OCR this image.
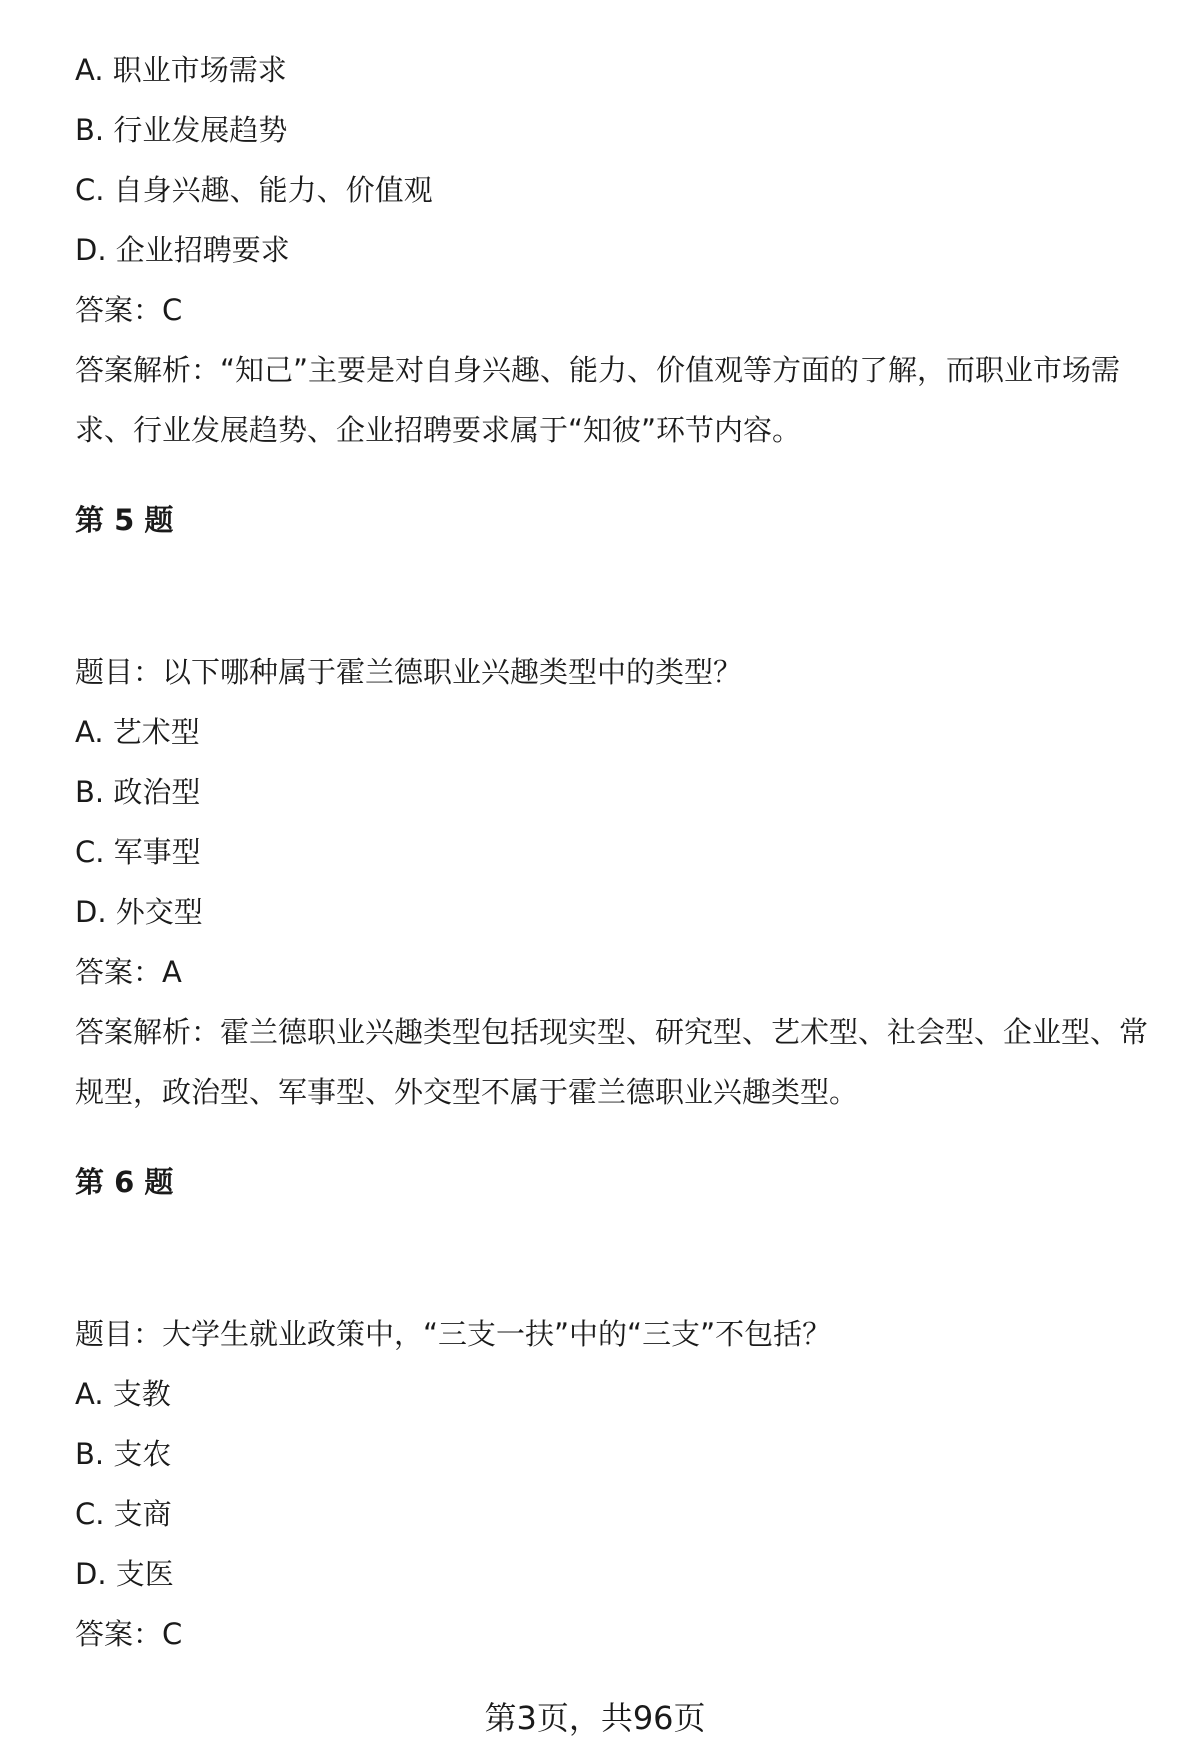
A. 职业市场需求
B. 行业发展趋势
C. 自身兴趣、能力、价值观
D. 企业招聘要求
答案：C
答案解析：“知己”主要是对自身兴趣、能力、价值观等方面的了解，而职业市场需求、行业发展趋势、企业招聘要求属于“知彼”环节内容。
第 5 题
题目：以下哪种属于霍兰德职业兴趣类型中的类型？
A. 艺术型
B. 政治型
C. 军事型
D. 外交型
答案：A
答案解析：霍兰德职业兴趣类型包括现实型、研究型、艺术型、社会型、企业型、常规型，政治型、军事型、外交型不属于霍兰德职业兴趣类型。
第 6 题
题目：大学生就业政策中，“三支一扶”中的“三支”不包括？
A. 支教
B. 支农
C. 支商
D. 支医
答案：C
第3页，共96页
